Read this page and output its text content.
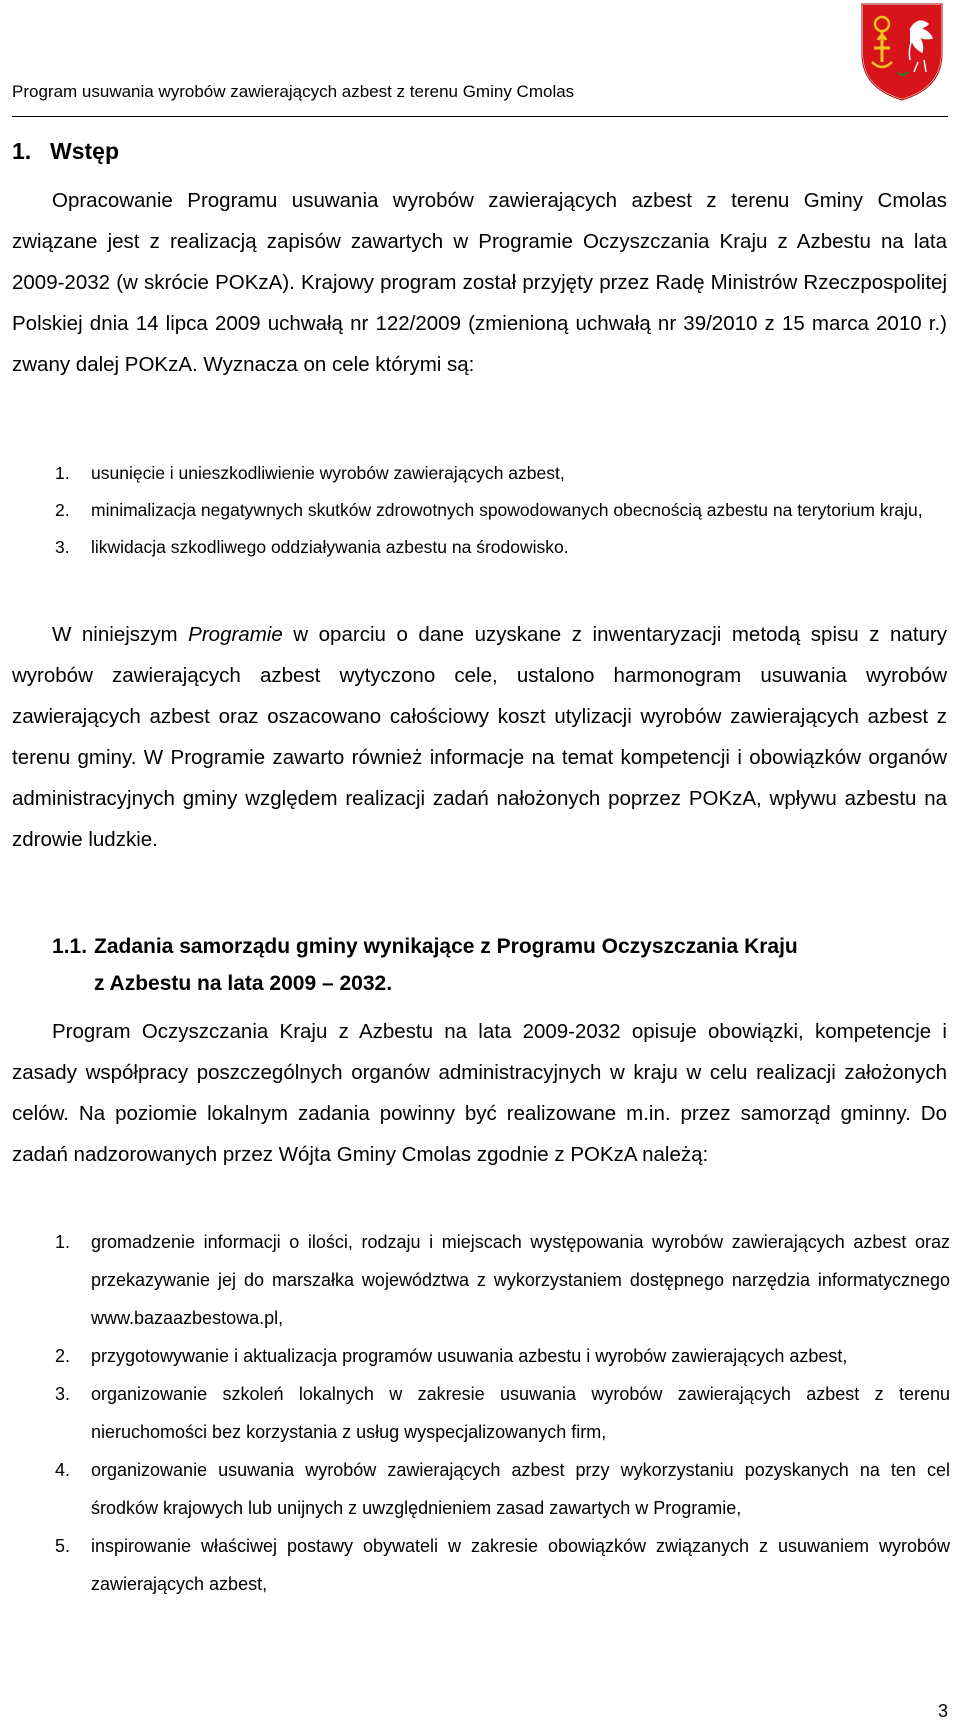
Program usuwania wyrobów zawierających azbest z terenu Gminy Cmolas
1. Wstęp

Opracowanie Programu usuwania wyrobów zawierających azbest z terenu Gminy Cmolas związane jest z realizacją zapisów zawartych w Programie Oczyszczania Kraju z Azbestu na lata 2009-2032 (w skrócie POKzA). Krajowy program został przyjęty przez Radę Ministrów Rzeczpospolitej Polskiej dnia 14 lipca 2009 uchwałą nr 122/2009 (zmienioną uchwałą nr 39/2010 z 15 marca 2010 r.) zwany dalej POKzA. Wyznacza on cele którymi są:

1. usunięcie i unieszkodliwienie wyrobów zawierających azbest,
2. minimalizacja negatywnych skutków zdrowotnych spowodowanych obecnością azbestu na terytorium kraju,
3. likwidacja szkodliwego oddziaływania azbestu na środowisko.

W niniejszym Programie w oparciu o dane uzyskane z inwentaryzacji metodą spisu z natury wyrobów zawierających azbest wytyczono cele, ustalono harmonogram usuwania wyrobów zawierających azbest oraz oszacowano całościowy koszt utylizacji wyrobów zawierających azbest z terenu gminy. W Programie zawarto również informacje na temat kompetencji i obowiązków organów administracyjnych gminy względem realizacji zadań nałożonych poprzez POKzA, wpływu azbestu na zdrowie ludzkie.

1.1. Zadania samorządu gminy wynikające z Programu Oczyszczania Kraju
z Azbestu na lata 2009 – 2032.

Program Oczyszczania Kraju z Azbestu na lata 2009-2032 opisuje obowiązki, kompetencje i zasady współpracy poszczególnych organów administracyjnych w kraju w celu realizacji założonych celów. Na poziomie lokalnym zadania powinny być realizowane m.in. przez samorząd gminny. Do zadań nadzorowanych przez Wójta Gminy Cmolas zgodnie z POKzA należą:

1. gromadzenie informacji o ilości, rodzaju i miejscach występowania wyrobów zawierających azbest oraz przekazywanie jej do marszałka województwa z wykorzystaniem dostępnego narzędzia informatycznego www.bazaazbestowa.pl,
2. przygotowywanie i aktualizacja programów usuwania azbestu i wyrobów zawierających azbest,
3. organizowanie szkoleń lokalnych w zakresie usuwania wyrobów zawierających azbest z terenu nieruchomości bez korzystania z usług wyspecjalizowanych firm,
4. organizowanie usuwania wyrobów zawierających azbest przy wykorzystaniu pozyskanych na ten cel środków krajowych lub unijnych z uwzględnieniem zasad zawartych w Programie,
5. inspirowanie właściwej postawy obywateli w zakresie obowiązków związanych z usuwaniem wyrobów zawierających azbest,
3
